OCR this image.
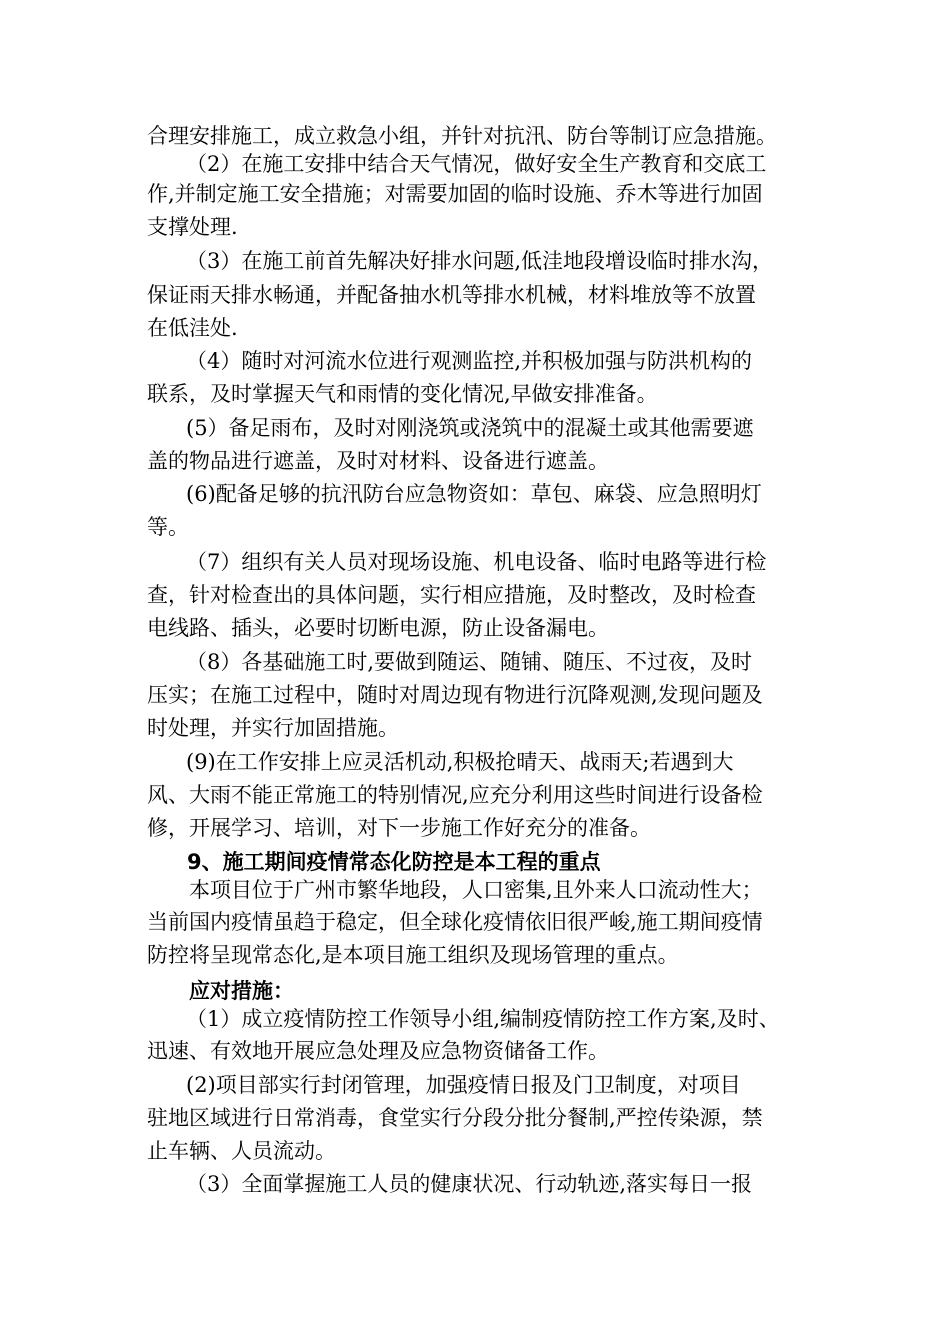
合理安排施工，成立救急小组，并针对抗汛、防台等制订应急措施。

（2）在施工安排中结合天气情况，做好安全生产教育和交底工

作,并制定施工安全措施；对需要加固的临时设施、乔木等进行加固

支撑处理.

（3）在施工前首先解决好排水问题,低洼地段增设临时排水沟，

保证雨天排水畅通，并配备抽水机等排水机械，材料堆放等不放置

在低洼处.

（4）随时对河流水位进行观测监控,并积极加强与防洪机构的

联系，及时掌握天气和雨情的变化情况,早做安排准备。

(5）备足雨布，及时对刚浇筑或浇筑中的混凝土或其他需要遮

盖的物品进行遮盖，及时对材料、设备进行遮盖。

(6)配备足够的抗汛防台应急物资如：草包、麻袋、应急照明灯

等。

（7）组织有关人员对现场设施、机电设备、临时电路等进行检

查，针对检查出的具体问题，实行相应措施，及时整改，及时检查

电线路、插头，必要时切断电源，防止设备漏电。

（8）各基础施工时,要做到随运、随铺、随压、不过夜，及时

压实；在施工过程中，随时对周边现有物进行沉降观测,发现问题及

时处理，并实行加固措施。

(9)在工作安排上应灵活机动,积极抢晴天、战雨天;若遇到大

风、大雨不能正常施工的特别情况,应充分利用这些时间进行设备检

修，开展学习、培训，对下一步施工作好充分的准备。

9、施工期间疫情常态化防控是本工程的重点

本项目位于广州市繁华地段，人口密集,且外来人口流动性大；

当前国内疫情虽趋于稳定，但全球化疫情依旧很严峻,施工期间疫情

防控将呈现常态化,是本项目施工组织及现场管理的重点。

应对措施：

（1）成立疫情防控工作领导小组,编制疫情防控工作方案,及时、

迅速、有效地开展应急处理及应急物资储备工作。

(2)项目部实行封闭管理，加强疫情日报及门卫制度，对项目

驻地区域进行日常消毒，食堂实行分段分批分餐制,严控传染源，禁

止车辆、人员流动。

（3）全面掌握施工人员的健康状况、行动轨迹,落实每日一报
